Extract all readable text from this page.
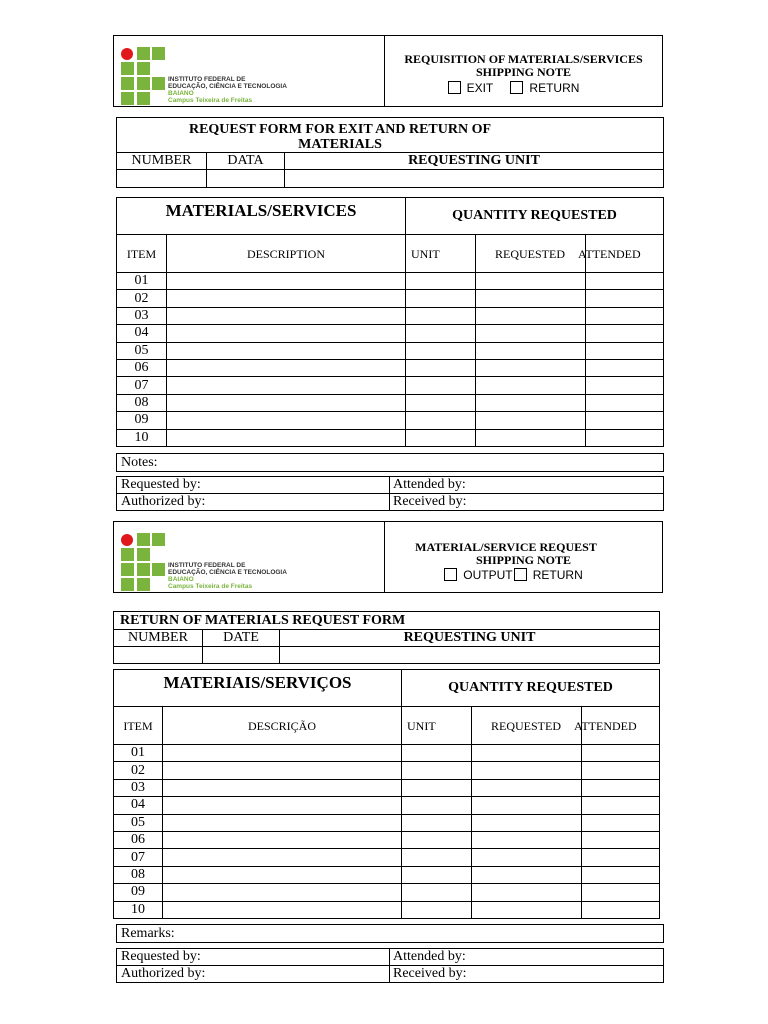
INSTITUTO FEDERAL DE
EDUCAÇÃO, CIÊNCIA E TECNOLOGIA
BAIANO
Campus Teixeira de Freitas
REQUISITION OF MATERIALS/SERVICES
SHIPPING NOTE
EXIT	RETURN
REQUEST FORM FOR EXIT AND RETURN OF
MATERIALS		

NUMBER	DATA	REQUESTING UNIT

MATERIALS/SERVICES		QUANTITY REQUESTED		
ITEM	DESCRIPTION	UNIT	REQUESTED	ATTENDED
01				
02				
03				
04				
05				
06				
07				
08				
09				
10				
Notes:
Requested by:	Attended by:
Authorized by:	Received by:
INSTITUTO FEDERAL DE
EDUCAÇÃO, CIÊNCIA E TECNOLOGIA
BAIANO
Campus Teixeira de Freitas
MATERIAL/SERVICE REQUEST
SHIPPING NOTE
OUTPUT RETURN
RETURN OF MATERIALS REQUEST FORM		
NUMBER	DATE	REQUESTING UNIT

MATERIAIS/SERVIÇOS		QUANTITY REQUESTED		
ITEM	DESCRIÇÃO	UNIT	REQUESTED	ATTENDED
01				
02				
03				
04				
05				
06				
07				
08				
09				
10				
Remarks:
Requested by:	Attended by:
Authorized by:	Received by:
